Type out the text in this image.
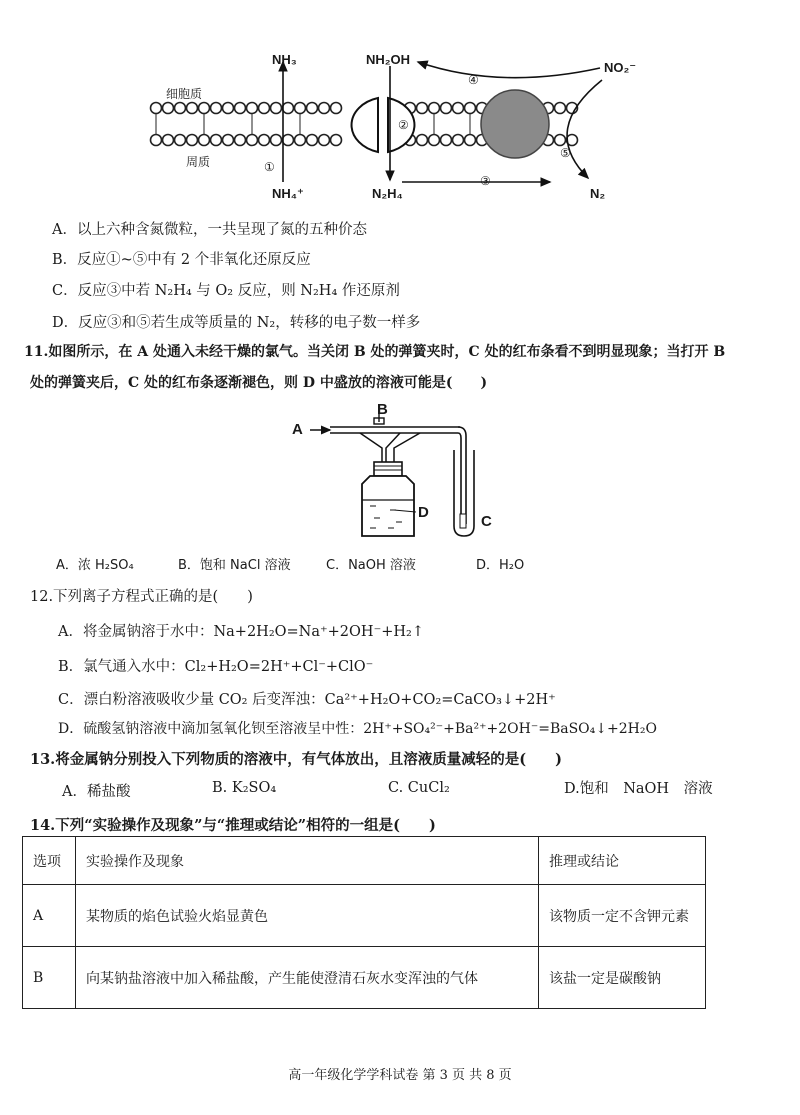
NH₃	NH₂OH
NO₂⁻
细胞质
周质
NH₄⁺	N₂H₄	N₂
①
②
③
④
⑤
A．以上六种含氮微粒，一共呈现了氮的五种价态
B．反应①~⑤中有 2 个非氧化还原反应
C．反应③中若 N₂H₄ 与 O₂ 反应，则 N₂H₄ 作还原剂
D．反应③和⑤若生成等质量的 N₂，转移的电子数一样多
11.如图所示，在 A 处通入未经干燥的氯气。当关闭 B 处的弹簧夹时，C 处的红布条看不到明显现象；当打开 B
处的弹簧夹后，C 处的红布条逐渐褪色，则 D 中盛放的溶液可能是(　　)
A
B
C
D
A．浓 H₂SO₄	B．饱和 NaCl 溶液	C．NaOH 溶液	D．H₂O
12.下列离子方程式正确的是(　　)
A．将金属钠溶于水中：Na+2H₂O=Na⁺+2OH⁻+H₂↑
B．氯气通入水中：Cl₂+H₂O=2H⁺+Cl⁻+ClO⁻
C．漂白粉溶液吸收少量 CO₂ 后变浑浊：Ca²⁺+H₂O+CO₂=CaCO₃↓+2H⁺
D．硫酸氢钠溶液中滴加氢氧化钡至溶液呈中性：2H⁺+SO₄²⁻+Ba²⁺+2OH⁻=BaSO₄↓+2H₂O
13.将金属钠分别投入下列物质的溶液中，有气体放出，且溶液质量减轻的是(　　)
A．稀盐酸	B. K₂SO₄	C. CuCl₂	D.饱和　NaOH　溶液
14.下列“实验操作及现象”与“推理或结论”相符的一组是(　　)
选项	实验操作及现象	推理或结论
A	某物质的焰色试验火焰显黄色	该物质一定不含钾元素
B	向某钠盐溶液中加入稀盐酸，产生能使澄清石灰水变浑浊的气体	该盐一定是碳酸钠
高一年级化学学科试卷 第 3 页 共 8 页
